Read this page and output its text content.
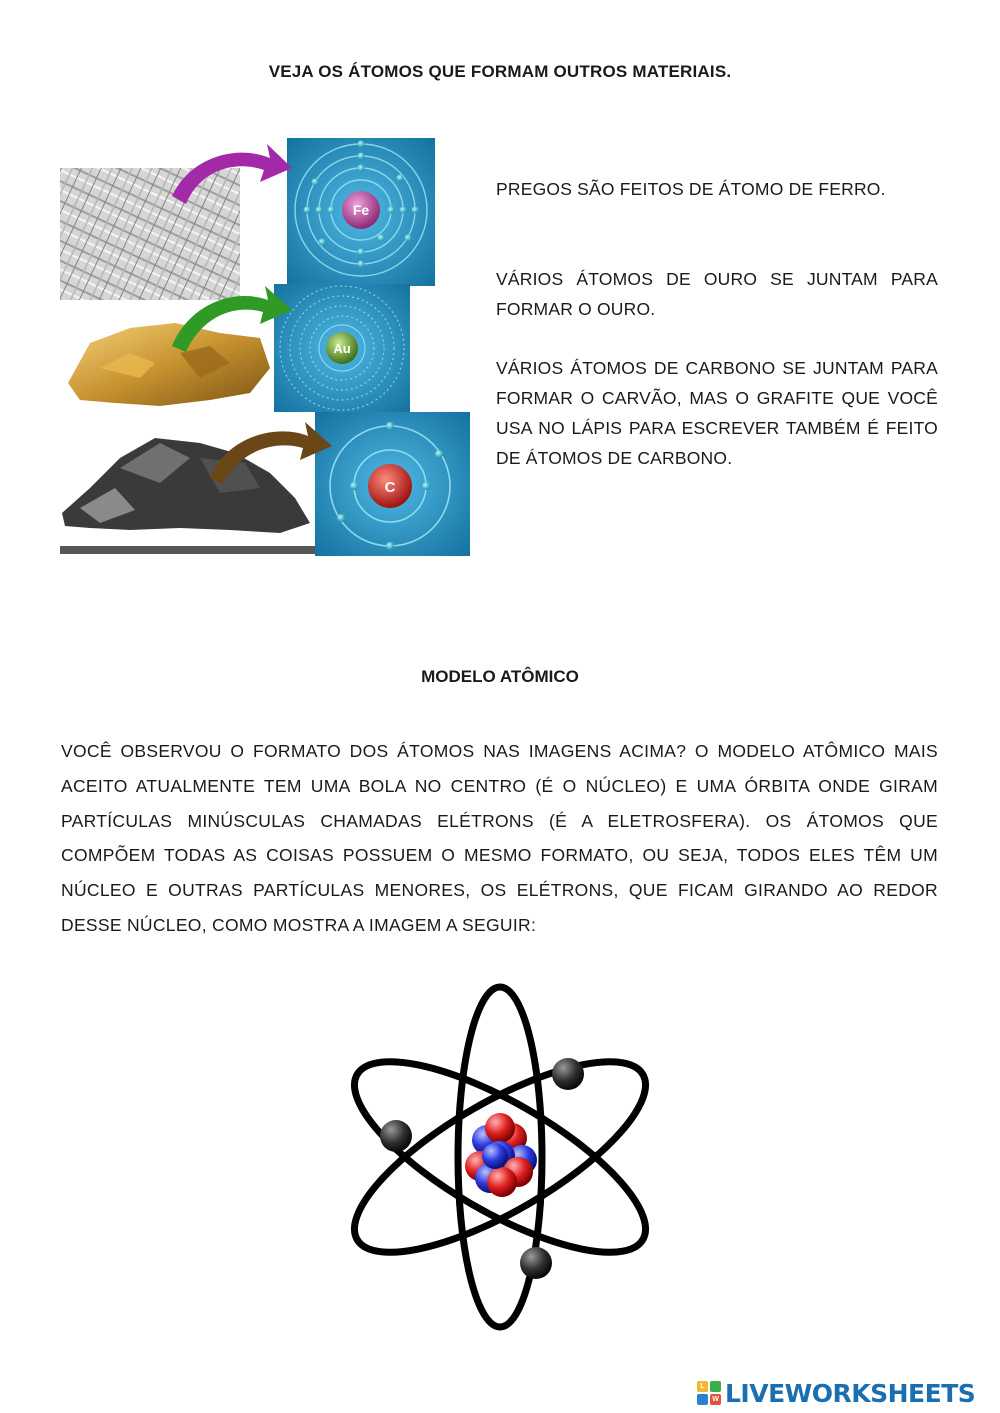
VEJA OS ÁTOMOS QUE FORMAM OUTROS MATERIAIS.
Fe
Au
C

PREGOS SÃO FEITOS DE ÁTOMO DE FERRO.

VÁRIOS ÁTOMOS DE OURO SE JUNTAM PARA FORMAR O OURO.

VÁRIOS ÁTOMOS DE CARBONO SE JUNTAM PARA FORMAR O CARVÃO, MAS O GRAFITE QUE VOCÊ USA NO LÁPIS PARA ESCREVER TAMBÉM É FEITO DE ÁTOMOS DE CARBONO.

MODELO ATÔMICO

VOCÊ OBSERVOU O FORMATO DOS ÁTOMOS NAS IMAGENS ACIMA? O MODELO ATÔMICO MAIS ACEITO ATUALMENTE TEM UMA BOLA NO CENTRO (É O NÚCLEO) E UMA ÓRBITA ONDE GIRAM PARTÍCULAS MINÚSCULAS CHAMADAS ELÉTRONS (É A ELETROSFERA). OS ÁTOMOS QUE COMPÕEM TODAS AS COISAS POSSUEM O MESMO FORMATO, OU SEJA, TODOS ELES TÊM UM NÚCLEO E OUTRAS PARTÍCULAS MENORES, OS ELÉTRONS, QUE FICAM GIRANDO AO REDOR DESSE NÚCLEO, COMO MOSTRA A IMAGEM A SEGUIR:

L
W LIVEWORKSHEETS
